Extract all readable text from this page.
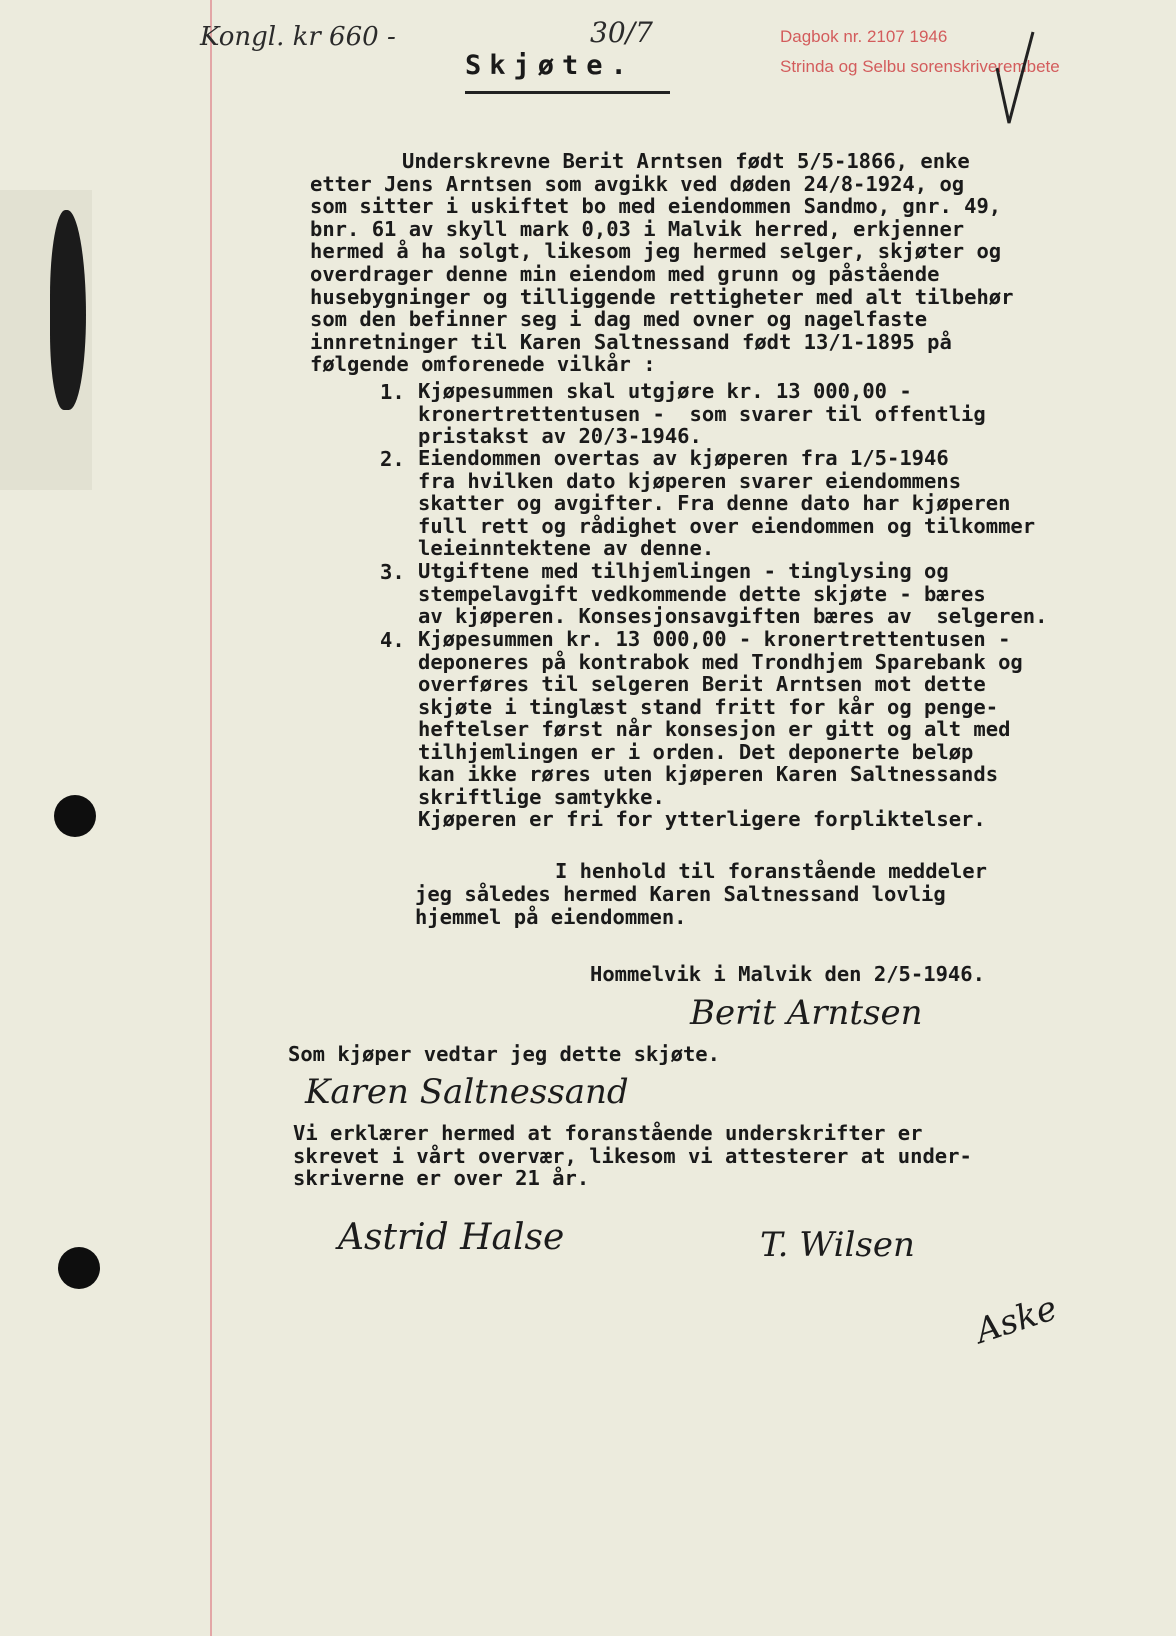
Kongl. kr 660 -	30/7	Dagbok nr. 2107 1946
Strinda og Selbu sorenskriverembete
Skjøte.
Underskrevne Berit Arntsen født 5/5-1866, enke
etter Jens Arntsen som avgikk ved døden 24/8-1924, og
som sitter i uskiftet bo med eiendommen Sandmo, gnr. 49,
bnr. 61 av skyll mark 0,03 i Malvik herred, erkjenner
hermed å ha solgt, likesom jeg hermed selger, skjøter og
overdrager denne min eiendom med grunn og påstående
husebygninger og tilliggende rettigheter med alt tilbehør
som den befinner seg i dag med ovner og nagelfaste
innretninger til Karen Saltnessand født 13/1-1895 på
følgende omforenede vilkår :
1. Kjøpesummen skal utgjøre kr. 13 000,00 -
kronertrettentusen -  som svarer til offentlig
pristakst av 20/3-1946.
2. Eiendommen overtas av kjøperen fra 1/5-1946
fra hvilken dato kjøperen svarer eiendommens
skatter og avgifter. Fra denne dato har kjøperen
full rett og rådighet over eiendommen og tilkommer
leieinntektene av denne.
3. Utgiftene med tilhjemlingen - tinglysing og
stempelavgift vedkommende dette skjøte - bæres
av kjøperen. Konsesjonsavgiften bæres av  selgeren.
4. Kjøpesummen kr. 13 000,00 - kronertrettentusen -
deponeres på kontrabok med Trondhjem Sparebank og
overføres til selgeren Berit Arntsen mot dette
skjøte i tinglæst stand fritt for kår og penge-
heftelser først når konsesjon er gitt og alt med
tilhjemlingen er i orden. Det deponerte beløp
kan ikke røres uten kjøperen Karen Saltnessands
skriftlige samtykke.
Kjøperen er fri for ytterligere forpliktelser.
I henhold til foranstående meddeler
jeg således hermed Karen Saltnessand lovlig
hjemmel på eiendommen.
Hommelvik i Malvik den 2/5-1946.
Berit Arntsen
Som kjøper vedtar jeg dette skjøte.
Karen Saltnessand
Vi erklærer hermed at foranstående underskrifter er
skrevet i vårt overvær, likesom vi attesterer at under-
skriverne er over 21 år.
Astrid Halse	T. Wilsen
Aske
